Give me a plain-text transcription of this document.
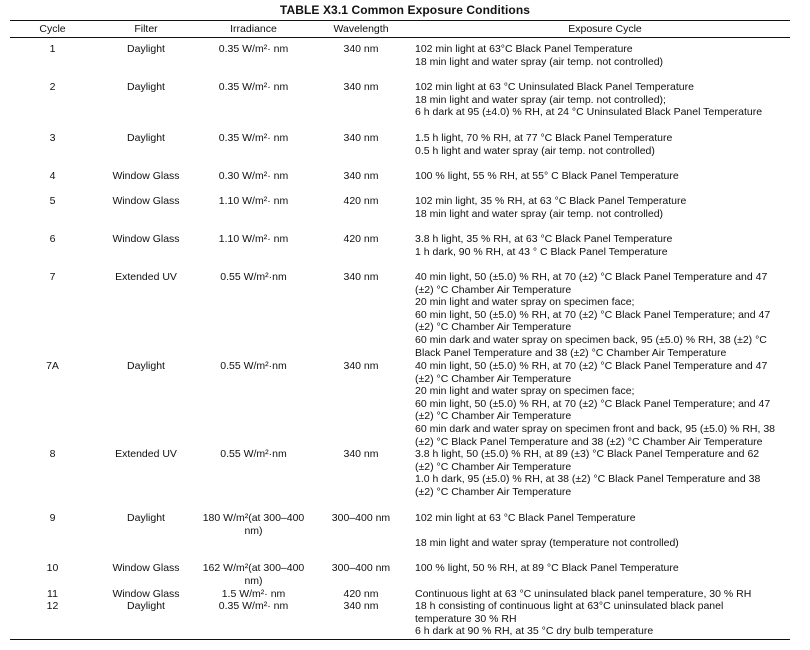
TABLE X3.1 Common Exposure Conditions
Cycle	Filter	Irradiance	Wavelength	Exposure Cycle
1	Daylight	0.35 W/m²· nm	340 nm	102 min light at 63°C Black Panel Temperature
18 min light and water spray (air temp. not controlled)
2	Daylight	0.35 W/m²· nm	340 nm	102 min light at 63 °C Uninsulated Black Panel Temperature
18 min light and water spray (air temp. not controlled);
6 h dark at 95 (±4.0) % RH, at 24 °C Uninsulated Black Panel Temperature
3	Daylight	0.35 W/m²· nm	340 nm	1.5 h light, 70 % RH, at 77 °C Black Panel Temperature
0.5 h light and water spray (air temp. not controlled)
4	Window Glass	0.30 W/m²· nm	340 nm	100 % light, 55 % RH, at 55° C Black Panel Temperature
5	Window Glass	1.10 W/m²· nm	420 nm	102 min light, 35 % RH, at 63 °C Black Panel Temperature
18 min light and water spray (air temp. not controlled)
6	Window Glass	1.10 W/m²· nm	420 nm	3.8 h light, 35 % RH, at 63 °C Black Panel Temperature
1 h dark, 90 % RH, at 43 ° C Black Panel Temperature
7	Extended UV	0.55 W/m²·nm	340 nm	40 min light, 50 (±5.0) % RH, at 70 (±2) °C Black Panel Temperature and 47
(±2) °C Chamber Air Temperature
20 min light and water spray on specimen face;
60 min light, 50 (±5.0) % RH, at 70 (±2) °C Black Panel Temperature; and 47
(±2) °C Chamber Air Temperature
60 min dark and water spray on specimen back, 95 (±5.0) % RH, 38 (±2) °C
Black Panel Temperature and 38 (±2) °C Chamber Air Temperature
7A	Daylight	0.55 W/m²·nm	340 nm	40 min light, 50 (±5.0) % RH, at 70 (±2) °C Black Panel Temperature and 47
(±2) °C Chamber Air Temperature
20 min light and water spray on specimen face;
60 min light, 50 (±5.0) % RH, at 70 (±2) °C Black Panel Temperature; and 47
(±2) °C Chamber Air Temperature
60 min dark and water spray on specimen front and back, 95 (±5.0) % RH, 38
(±2) °C Black Panel Temperature and 38 (±2) °C Chamber Air Temperature
8	Extended UV	0.55 W/m²·nm	340 nm	3.8 h light, 50 (±5.0) % RH, at 89 (±3) °C Black Panel Temperature and 62
(±2) °C Chamber Air Temperature
1.0 h dark, 95 (±5.0) % RH, at 38 (±2) °C Black Panel Temperature and 38
(±2) °C Chamber Air Temperature
9	Daylight	180 W/m²(at 300–400 nm)
300–400 nm	102 min light at 63 °C Black Panel Temperature

18 min light and water spray (temperature not controlled)
10	Window Glass	162 W/m²(at 300–400 nm)
300–400 nm	100 % light, 50 % RH, at 89 °C Black Panel Temperature
11	Window Glass	1.5 W/m²· nm	420 nm	Continuous light at 63 °C uninsulated black panel temperature, 30 % RH
12	Daylight	0.35 W/m²· nm	340 nm	18 h consisting of continuous light at 63°C uninsulated black panel
temperature 30 % RH
6 h dark at 90 % RH, at 35 °C dry bulb temperature
